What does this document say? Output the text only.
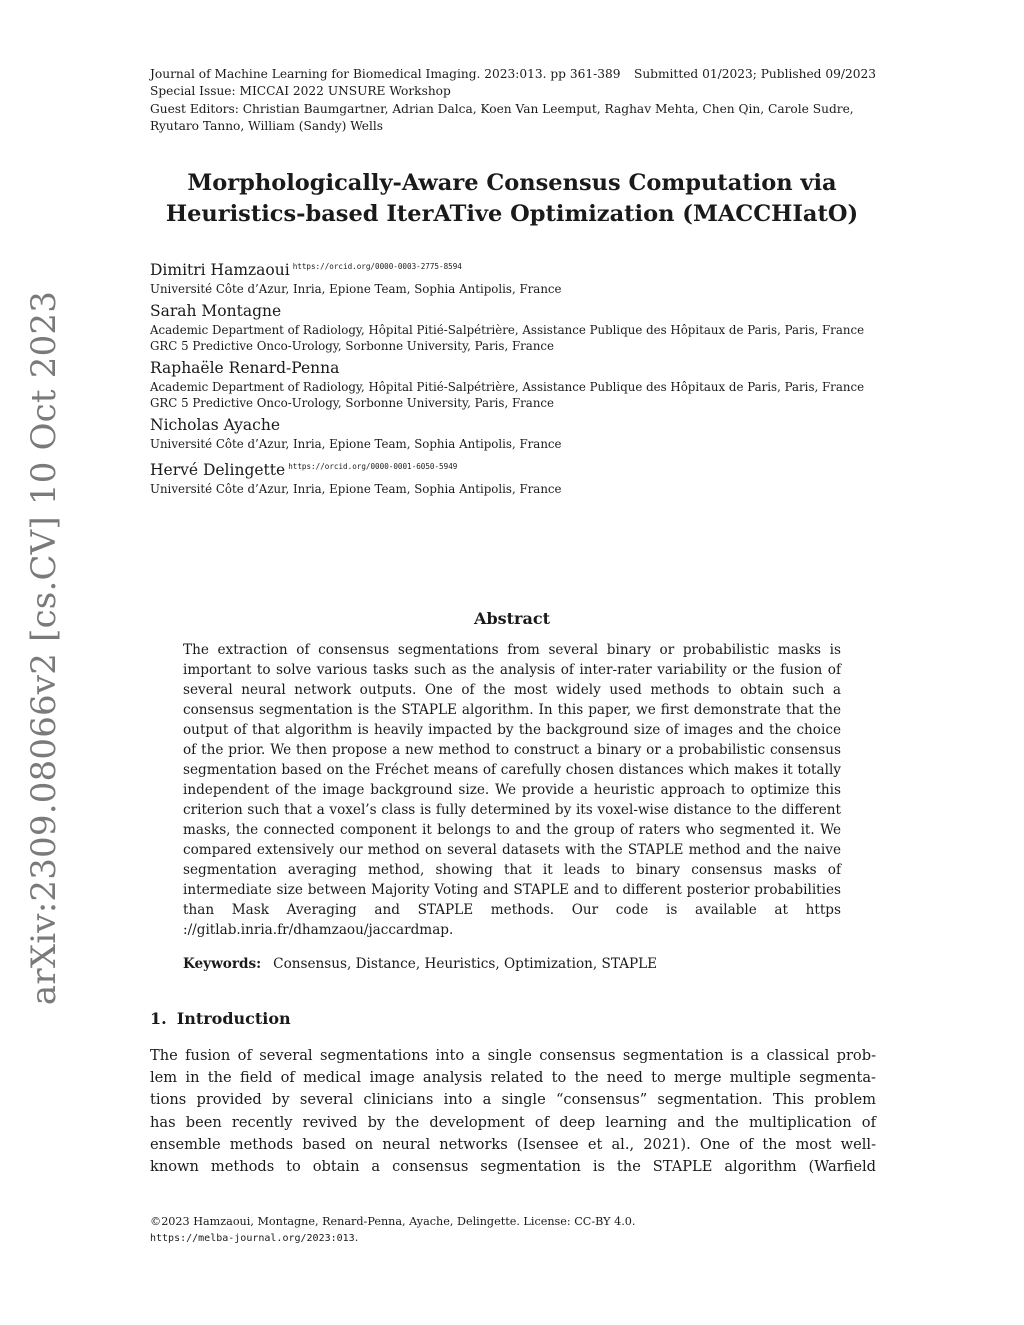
arXiv:2309.08066v2 [cs.CV] 10 Oct 2023
Journal of Machine Learning for Biomedical Imaging. 2023:013. pp 361-389 Submitted 01/2023; Published 09/2023
Special Issue: MICCAI 2022 UNSURE Workshop
Guest Editors: Christian Baumgartner, Adrian Dalca, Koen Van Leemput, Raghav Mehta, Chen Qin, Carole Sudre,
Ryutaro Tanno, William (Sandy) Wells
Morphologically-Aware Consensus Computation via
Heuristics-based IterATive Optimization (MACCHIatO)
Dimitri Hamzaoui $^{https://orcid.org/0000-0003-2775-8594}$
Université Côte d’Azur, Inria, Epione Team, Sophia Antipolis, France
Sarah Montagne
Academic Department of Radiology, Hôpital Pitié-Salpétrière, Assistance Publique des Hôpitaux de Paris, Paris, France
GRC 5 Predictive Onco-Urology, Sorbonne University, Paris, France
Raphaële Renard-Penna
Academic Department of Radiology, Hôpital Pitié-Salpétrière, Assistance Publique des Hôpitaux de Paris, Paris, France
GRC 5 Predictive Onco-Urology, Sorbonne University, Paris, France
Nicholas Ayache
Université Côte d’Azur, Inria, Epione Team, Sophia Antipolis, France
Hervé Delingette $^{https://orcid.org/0000-0001-6050-5949}$
Université Côte d’Azur, Inria, Epione Team, Sophia Antipolis, France
Abstract
The extraction of consensus segmentations from several binary or probabilistic masks is important to solve various tasks such as the analysis of inter-rater variability or the fusion of several neural network outputs. One of the most widely used methods to obtain such a consensus segmentation is the STAPLE algorithm. In this paper, we first demonstrate that the output of that algorithm is heavily impacted by the background size of images and the choice of the prior. We then propose a new method to construct a binary or a probabilistic consensus segmentation based on the Fréchet means of carefully chosen distances which makes it totally independent of the image background size. We provide a heuristic approach to optimize this criterion such that a voxel’s class is fully determined by its voxel-wise distance to the different masks, the connected component it belongs to and the group of raters who segmented it. We compared extensively our method on several datasets with the STAPLE method and the naive segmentation averaging method, showing that it leads to binary consensus masks of intermediate size between Majority Voting and STAPLE and to different posterior probabilities than Mask Averaging and STAPLE methods. Our code is available at https ://gitlab.inria.fr/dhamzaou/jaccardmap.
Keywords: Consensus, Distance, Heuristics, Optimization, STAPLE
1. Introduction
The fusion of several segmentations into a single consensus segmentation is a classical prob-
lem in the field of medical image analysis related to the need to merge multiple segmenta-
tions provided by several clinicians into a single “consensus” segmentation. This problem
has been recently revived by the development of deep learning and the multiplication of
ensemble methods based on neural networks (Isensee et al., 2021). One of the most well-
known methods to obtain a consensus segmentation is the STAPLE algorithm (Warfield
©2023 Hamzaoui, Montagne, Renard-Penna, Ayache, Delingette. License: CC-BY 4.0.
https://melba-journal.org/2023:013.
